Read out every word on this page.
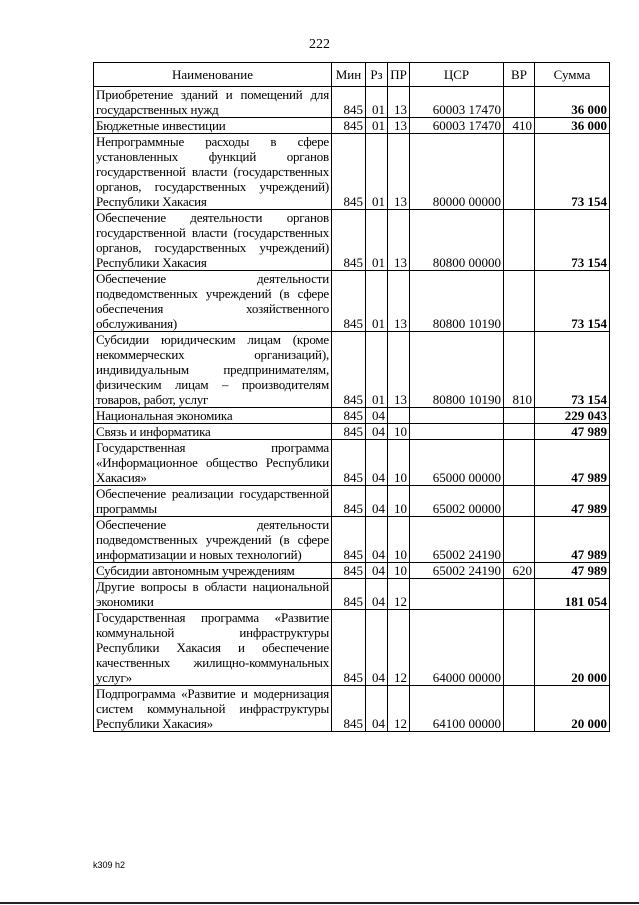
222
Наименование	Мин	Рз	ПР	ЦСР	ВР	Сумма
Приобретение зданий и помещений для государственных нужд	845	01	13	60003 17470		36 000
Бюджетные инвестиции	845	01	13	60003 17470	410	36 000
Непрограммные расходы в сфере установленных функций органов государственной власти (государственных органов, государственных учреждений) Республики Хакасия	845	01	13	80000 00000		73 154
Обеспечение деятельности органов государственной власти (государственных органов, государственных учреждений) Республики Хакасия	845	01	13	80800 00000		73 154
Обеспечение деятельности подведомственных учреждений (в сфере обеспечения хозяйственного обслуживания)	845	01	13	80800 10190		73 154
Субсидии юридическим лицам (кроме некоммерческих организаций), индивидуальным предпринимателям, физическим лицам – производителям товаров, работ, услуг	845	01	13	80800 10190	810	73 154
Национальная экономика	845	04				229 043
Связь и информатика	845	04	10			47 989
Государственная программа «Информационное общество Республики Хакасия»	845	04	10	65000 00000		47 989
Обеспечение реализации государственной программы	845	04	10	65002 00000		47 989
Обеспечение деятельности подведомственных учреждений (в сфере информатизации и новых технологий)	845	04	10	65002 24190		47 989
Субсидии автономным учреждениям	845	04	10	65002 24190	620	47 989
Другие вопросы в области национальной экономики	845	04	12			181 054
Государственная программа «Развитие коммунальной инфраструктуры Республики Хакасия и обеспечение качественных жилищно-коммунальных услуг»	845	04	12	64000 00000		20 000
Подпрограмма «Развитие и модернизация систем коммунальной инфраструктуры Республики Хакасия»	845	04	12	64100 00000		20 000
k309 h2
